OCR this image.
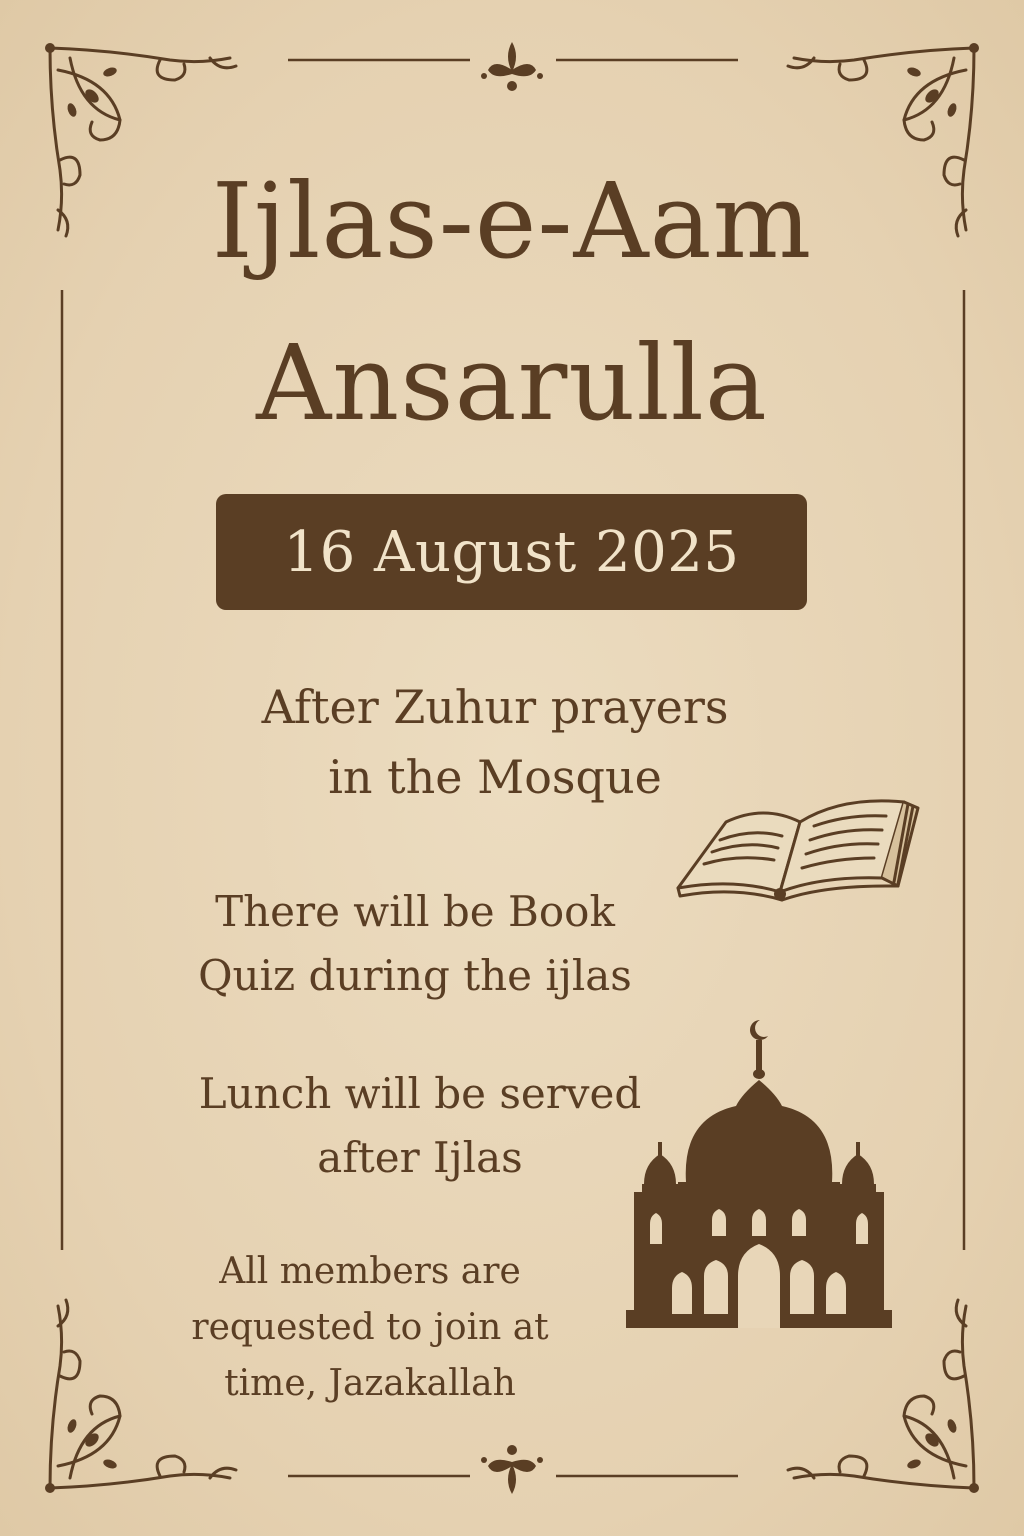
Ijlas-e-Aam
Ansarulla
16 August 2025
After Zuhur prayers
in the Mosque
There will be Book
Quiz during the ijlas
Lunch will be served
after Ijlas
All members are
requested to join at
time, Jazakallah
